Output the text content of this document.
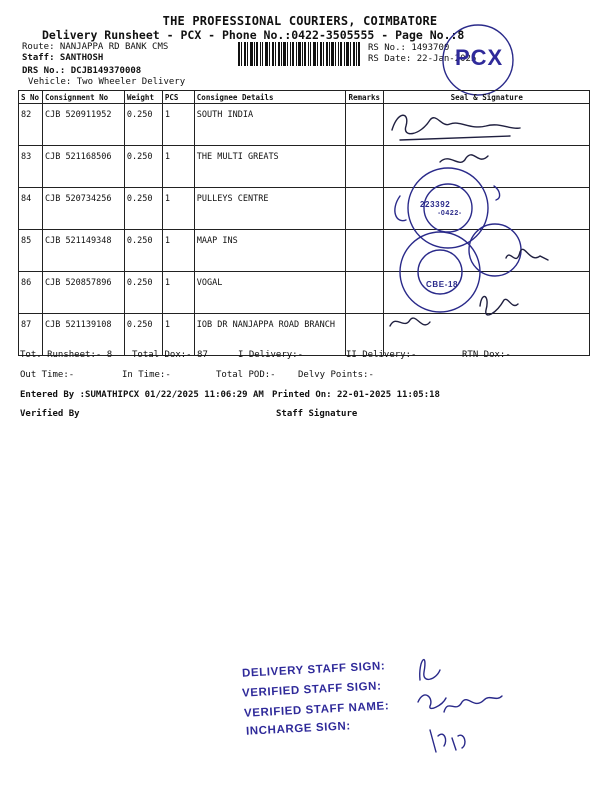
THE PROFESSIONAL COURIERS, COIMBATORE
Delivery Runsheet - PCX - Phone No.:0422-3505555 - Page No.:8
Route: NANJAPPA RD BANK CMS
Staff: SANTHOSH
DRS No.: DCJB149370008
Vehicle: Two Wheeler Delivery
RS No.: 1493700
RS Date: 22-Jan-2025
PCX
S No	Consignment No	Weight	PCS	Consignee Details	Remarks	Seal & Signature
82	CJB 520911952	0.250	1	SOUTH INDIA		
83	CJB 521168506	0.250	1	THE MULTI GREATS		
84	CJB 520734256	0.250	1	PULLEYS CENTRE		
85	CJB 521149348	0.250	1	MAAP INS		
86	CJB 520857896	0.250	1	VOGAL		
87	CJB 521139108	0.250	1	IOB DR NANJAPPA ROAD BRANCH		
223392
-0422-
CBE-18
Tot. Runsheet:- 8 Total Dox:- 87	I Delivery:-	II Delivery:-	RTN Dox:-
Out Time:-	In Time:-	Total POD:- Delvy Points:-
Entered By :SUMATHIPCX 01/22/2025 11:06:29 AM Printed On: 22-01-2025 11:05:18
Verified By	Staff Signature
DELIVERY STAFF SIGN:
VERIFIED STAFF SIGN:
VERIFIED STAFF NAME:
INCHARGE SIGN:
